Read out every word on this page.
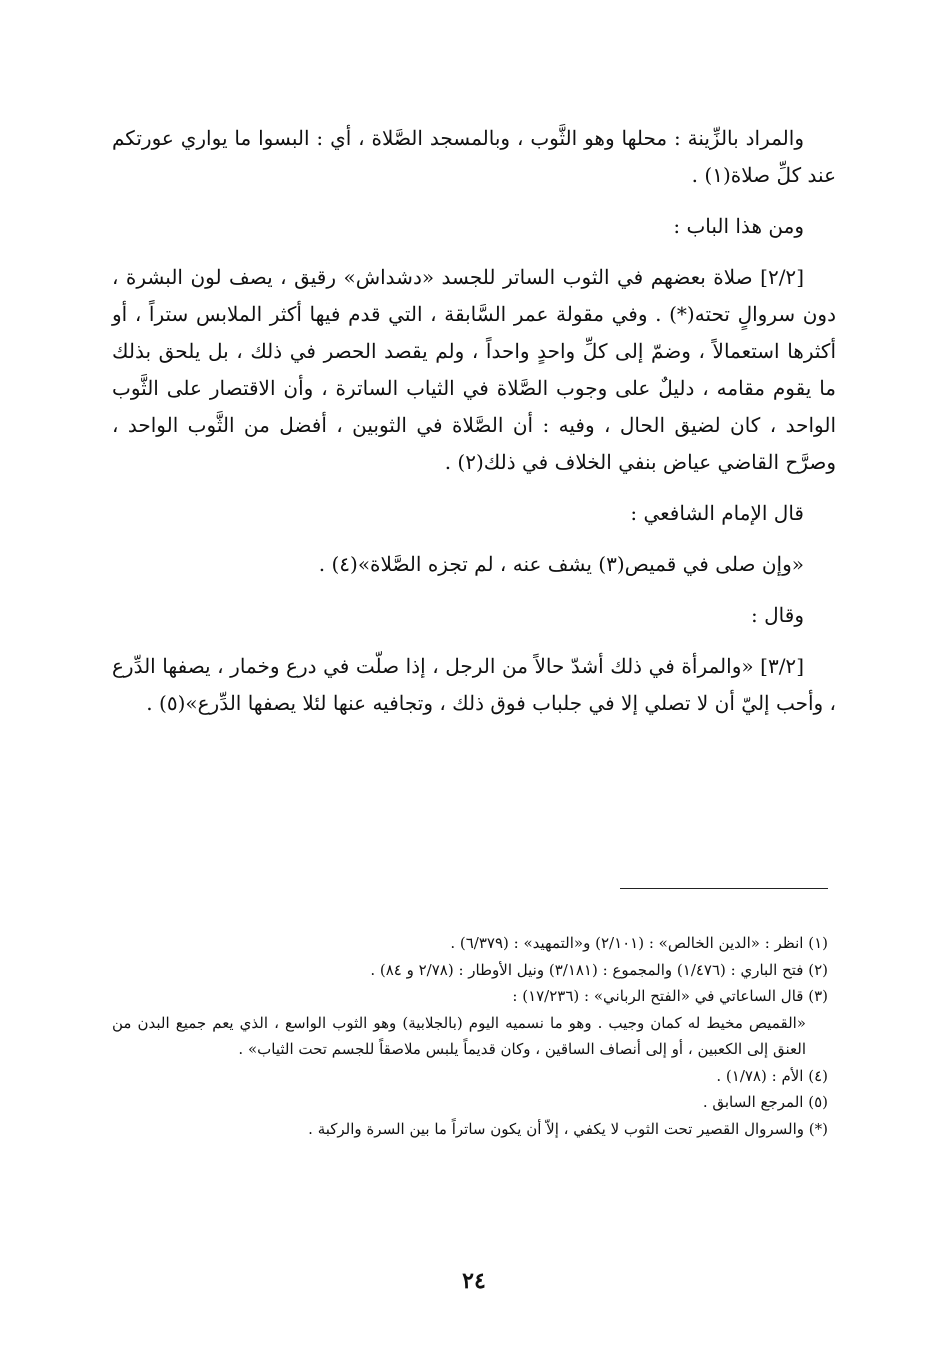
والمراد بالزِّينة : محلها وهو الثَّوب ، وبالمسجد الصَّلاة ، أي : البسوا ما يواري عورتكم عند كلِّ صلاة(١) .

ومن هذا الباب :

[٢/٢] صلاة بعضهم في الثوب الساتر للجسد «دشداش» رقيق ، يصف لون البشرة ، دون سروالٍ تحته(*) . وفي مقولة عمر السَّابقة ، التي قدم فيها أكثر الملابس ستراً ، أو أكثرها استعمالاً ، وضمّ إلى كلِّ واحدٍ واحداً ، ولم يقصد الحصر في ذلك ، بل يلحق بذلك ما يقوم مقامه ، دليلٌ على وجوب الصَّلاة في الثياب الساترة ، وأن الاقتصار على الثَّوب الواحد ، كان لضيق الحال ، وفيه : أن الصَّلاة في الثوبين ، أفضل من الثَّوب الواحد ، وصرَّح القاضي عياض بنفي الخلاف في ذلك(٢) .

قال الإمام الشافعي :

«وإن صلى في قميص(٣) يشف عنه ، لم تجزه الصَّلاة»(٤) .

وقال :

[٣/٢] «والمرأة في ذلك أشدّ حالاً من الرجل ، إذا صلّت في درع وخمار ، يصفها الدِّرع ، وأحب إليّ أن لا تصلي إلا في جلباب فوق ذلك ، وتجافيه عنها لئلا يصفها الدِّرع»(٥) .

(١) انظر : «الدين الخالص» : (٢/١٠١) و«التمهيد» : (٦/٣٧٩) .

(٢) فتح الباري : (١/٤٧٦) والمجموع : (٣/١٨١) ونيل الأوطار : (٢/٧٨ و ٨٤) .

(٣) قال الساعاتي في «الفتح الرباني» : (١٧/٢٣٦) :

«القميص مخيط له كمان وجيب . وهو ما نسميه اليوم (بالجلابية) وهو الثوب الواسع ، الذي يعم جميع البدن من العنق إلى الكعبين ، أو إلى أنصاف الساقين ، وكان قديماً يلبس ملاصقاً للجسم تحت الثياب» .

(٤) الأم : (١/٧٨) .

(٥) المرجع السابق .

(*) والسروال القصير تحت الثوب لا يكفي ، إلاّ أن يكون ساتراً ما بين السرة والركبة .

٢٤
